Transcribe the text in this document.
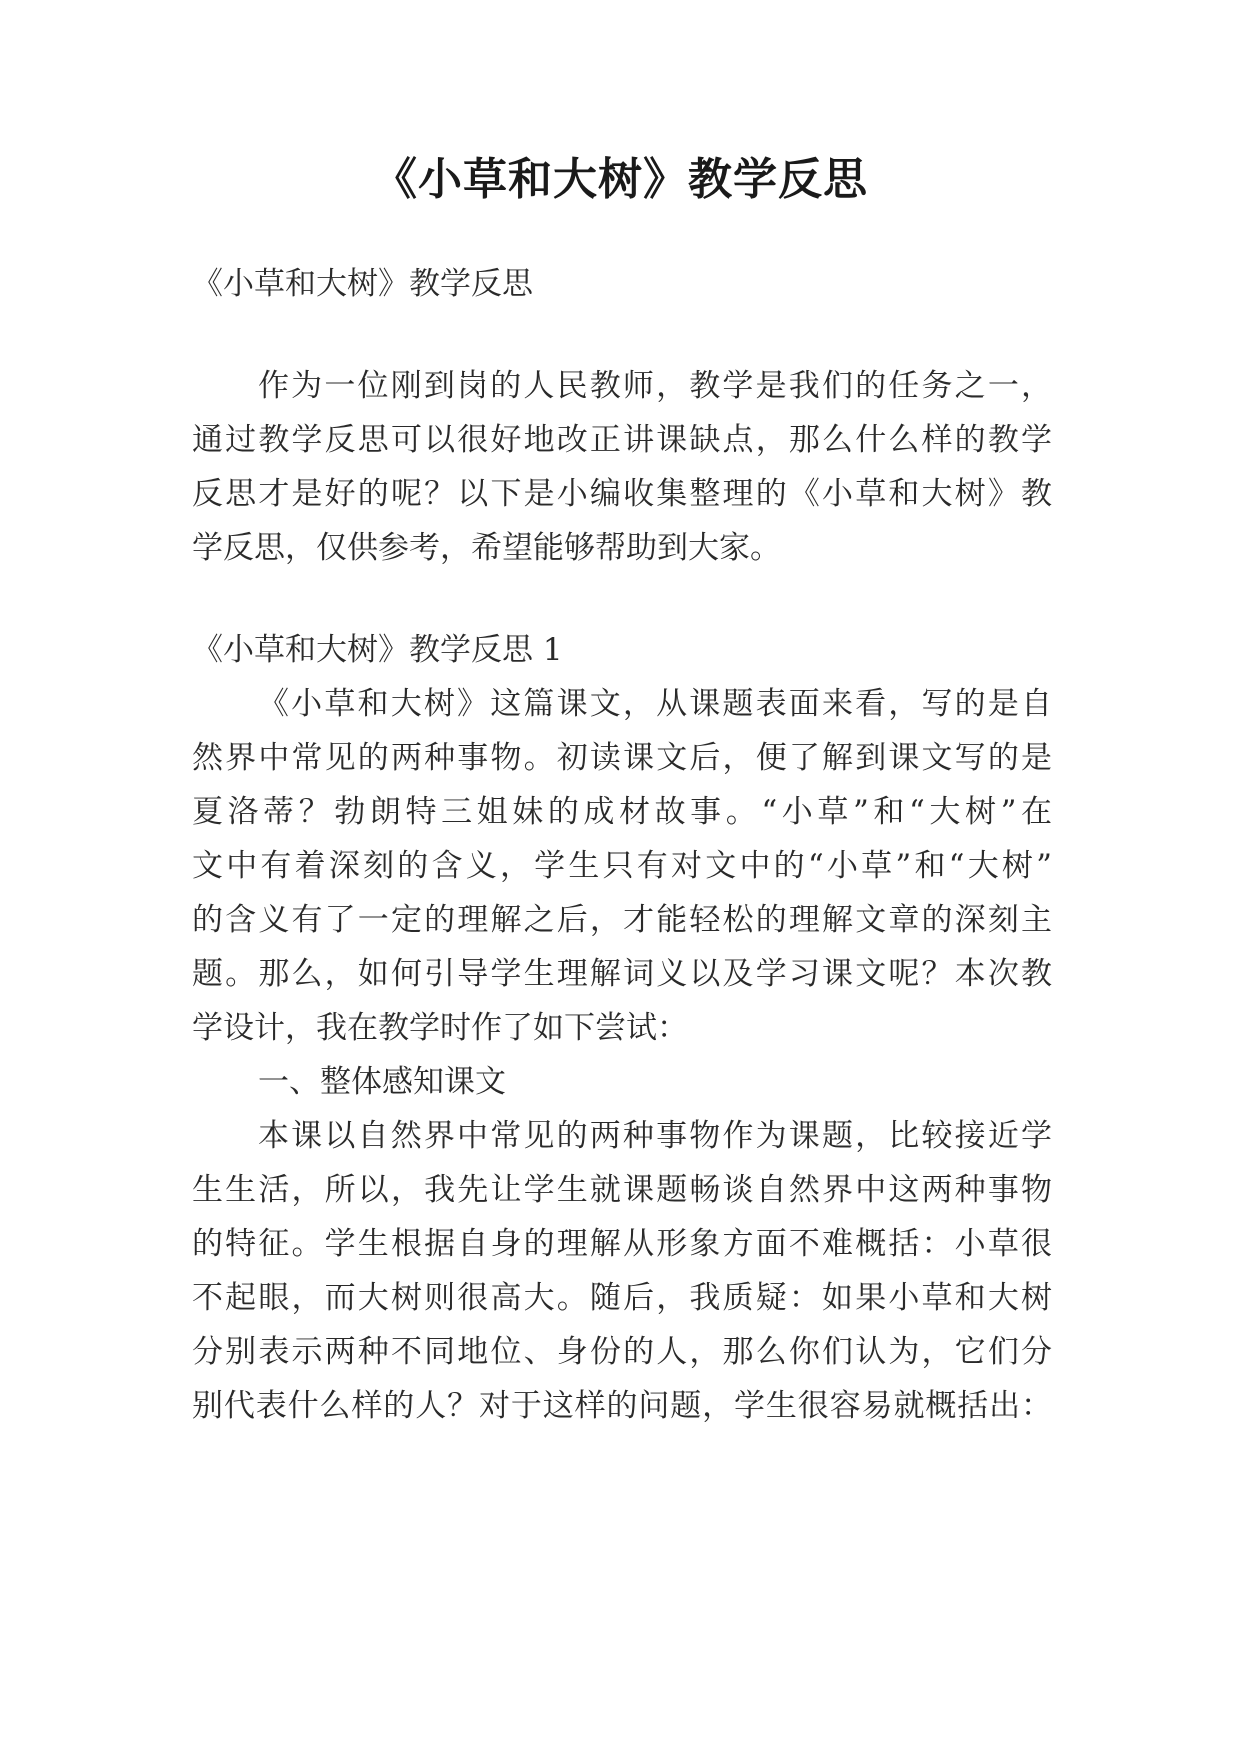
《小草和大树》教学反思
《小草和大树》教学反思
作为一位刚到岗的人民教师，教学是我们的任务之一，
通过教学反思可以很好地改正讲课缺点，那么什么样的教学
反思才是好的呢？以下是小编收集整理的《小草和大树》教
学反思，仅供参考，希望能够帮助到大家。
《小草和大树》教学反思 1
《小草和大树》这篇课文，从课题表面来看，写的是自
然界中常见的两种事物。初读课文后，便了解到课文写的是
夏洛蒂？勃朗特三姐妹的成材故事。“小草”和“大树”在
文中有着深刻的含义，学生只有对文中的“小草”和“大树”
的含义有了一定的理解之后，才能轻松的理解文章的深刻主
题。那么，如何引导学生理解词义以及学习课文呢？本次教
学设计，我在教学时作了如下尝试：
一、整体感知课文
本课以自然界中常见的两种事物作为课题，比较接近学
生生活，所以，我先让学生就课题畅谈自然界中这两种事物
的特征。学生根据自身的理解从形象方面不难概括：小草很
不起眼，而大树则很高大。随后，我质疑：如果小草和大树
分别表示两种不同地位、身份的人，那么你们认为，它们分
别代表什么样的人？对于这样的问题，学生很容易就概括出：
